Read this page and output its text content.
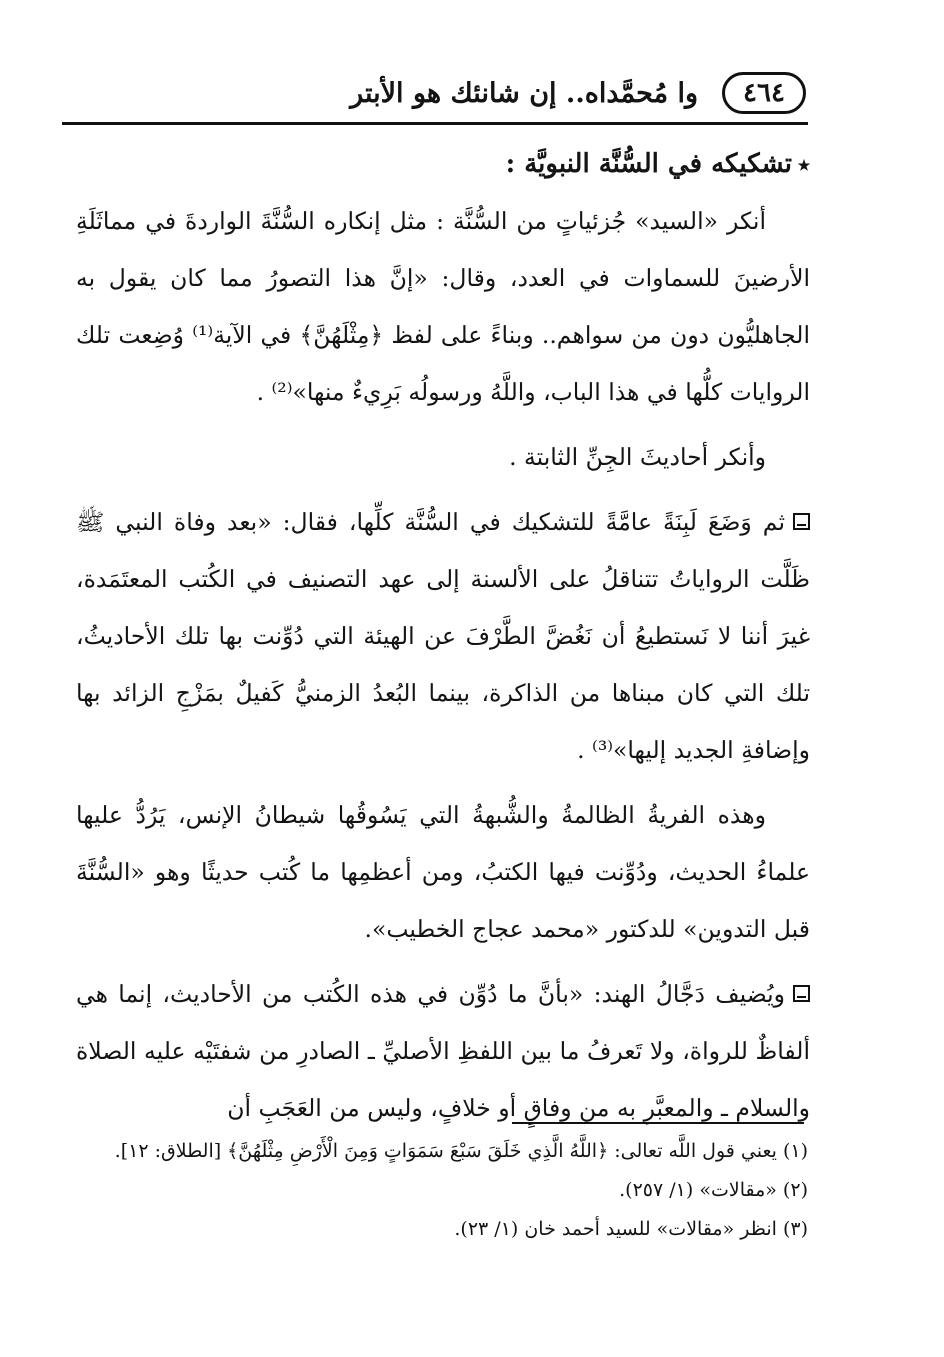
٤٦٤
وا مُحمَّداه.. إن شانئك هو الأبتر
٭تشكيكه في السُّنَّة النبويَّة :

أنكر «السيد» جُزئياتٍ من السُّنَّة : مثل إنكاره السُّنَّةَ الواردةَ في مماثَلَةِ الأرضينَ للسماوات في العدد، وقال: «إنَّ هذا التصورُ مما كان يقول به الجاهليُّون دون من سواهم.. وبناءً على لفظ ﴿مِثْلَهُنَّ﴾ في الآية⁽¹⁾ وُضِعت تلك الروايات كلُّها في هذا الباب، واللَّهُ ورسولُه بَرِيءٌ منها»⁽²⁾ .

وأنكر أحاديثَ الجِنِّ الثابتة .

ثم وَضَعَ لَبِنَةً عامَّةً للتشكيك في السُّنَّة كلِّها، فقال: «بعد وفاة النبي ﷺ ظَلَّت الرواياتُ تتناقلُ على الألسنة إلى عهد التصنيف في الكُتب المعتَمَدة، غيرَ أننا لا نَستطيعُ أن نَغُضَّ الطَّرْفَ عن الهيئة التي دُوِّنت بها تلك الأحاديثُ، تلك التي كان مبناها من الذاكرة، بينما البُعدُ الزمنيُّ كَفيلٌ بمَزْجِ الزائد بها وإضافةِ الجديد إليها»⁽³⁾ .

وهذه الفريةُ الظالمةُ والشُّبهةُ التي يَسُوقُها شيطانُ الإنس، يَرُدُّ عليها علماءُ الحديث، ودُوِّنت فيها الكتبُ، ومن أعظمِها ما كُتب حديثًا وهو «السُّنَّةَ قبل التدوين» للدكتور «محمد عجاج الخطيب».

ويُضيف دَجَّالُ الهند: «بأنَّ ما دُوِّن في هذه الكُتب من الأحاديث، إنما هي ألفاظٌ للرواة، ولا تَعرفُ ما بين اللفظِ الأصليِّ ـ الصادرِ من شفتَيْه عليه الصلاة والسلام ـ والمعبَّرِ به من وفاقٍ أو خلافٍ، وليس من العَجَبِ أن

(١) يعني قول اللَّه تعالى: ﴿اللَّهُ الَّذِي خَلَقَ سَبْعَ سَمَوَاتٍ وَمِنَ الْأَرْضِ مِثْلَهُنَّ﴾ [الطلاق: ١٢].

(٢) «مقالات» (١/ ٢٥٧).

(٣) انظر «مقالات» للسيد أحمد خان (١/ ٢٣).
